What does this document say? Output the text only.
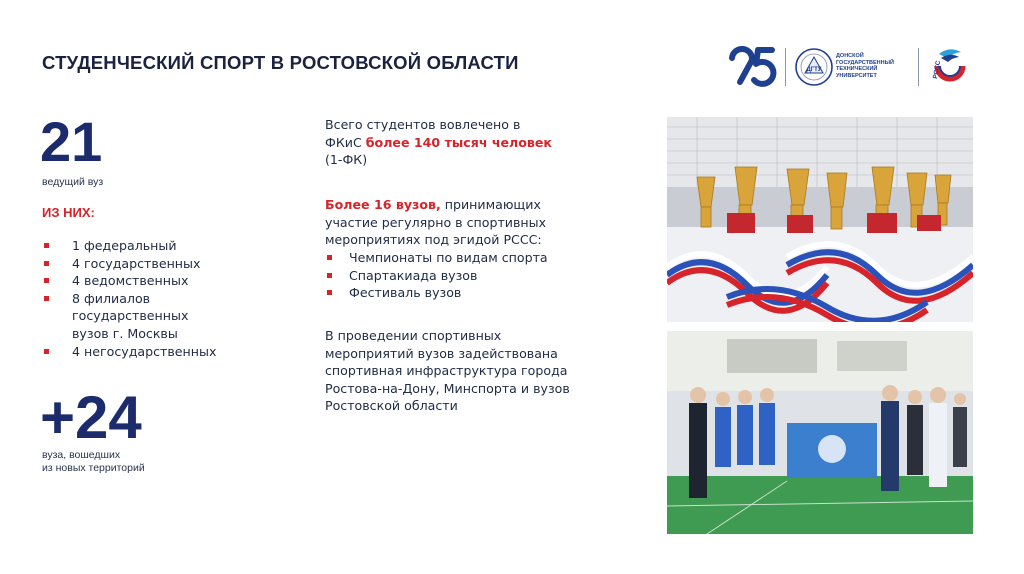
СТУДЕНЧЕСКИЙ СПОРТ В РОСТОВСКОЙ ОБЛАСТИ	ДГТУ
ДОНСКОЙ ГОСУДАРСТВЕННЫЙ ТЕХНИЧЕСКИЙ УНИВЕРСИТЕТ	РССС
21
ведущий вуз
ИЗ НИХ:
1 федеральный
4 государственных
4 ведомственных
8 филиалов государственных вузов г. Москвы
4 негосударственных
+24
вуза, вошедших
из новых территорий
Всего студентов вовлечено в ФКиС более 140 тысяч человек (1-ФК)
Более 16 вузов, принимающих участие регулярно в спортивных мероприятиях под эгидой РССС:
Чемпионаты по видам спорта
Спартакиада вузов
Фестиваль вузов
В проведении спортивных мероприятий вузов задействована спортивная инфраструктура города Ростова-на-Дону, Минспорта и вузов Ростовской области
